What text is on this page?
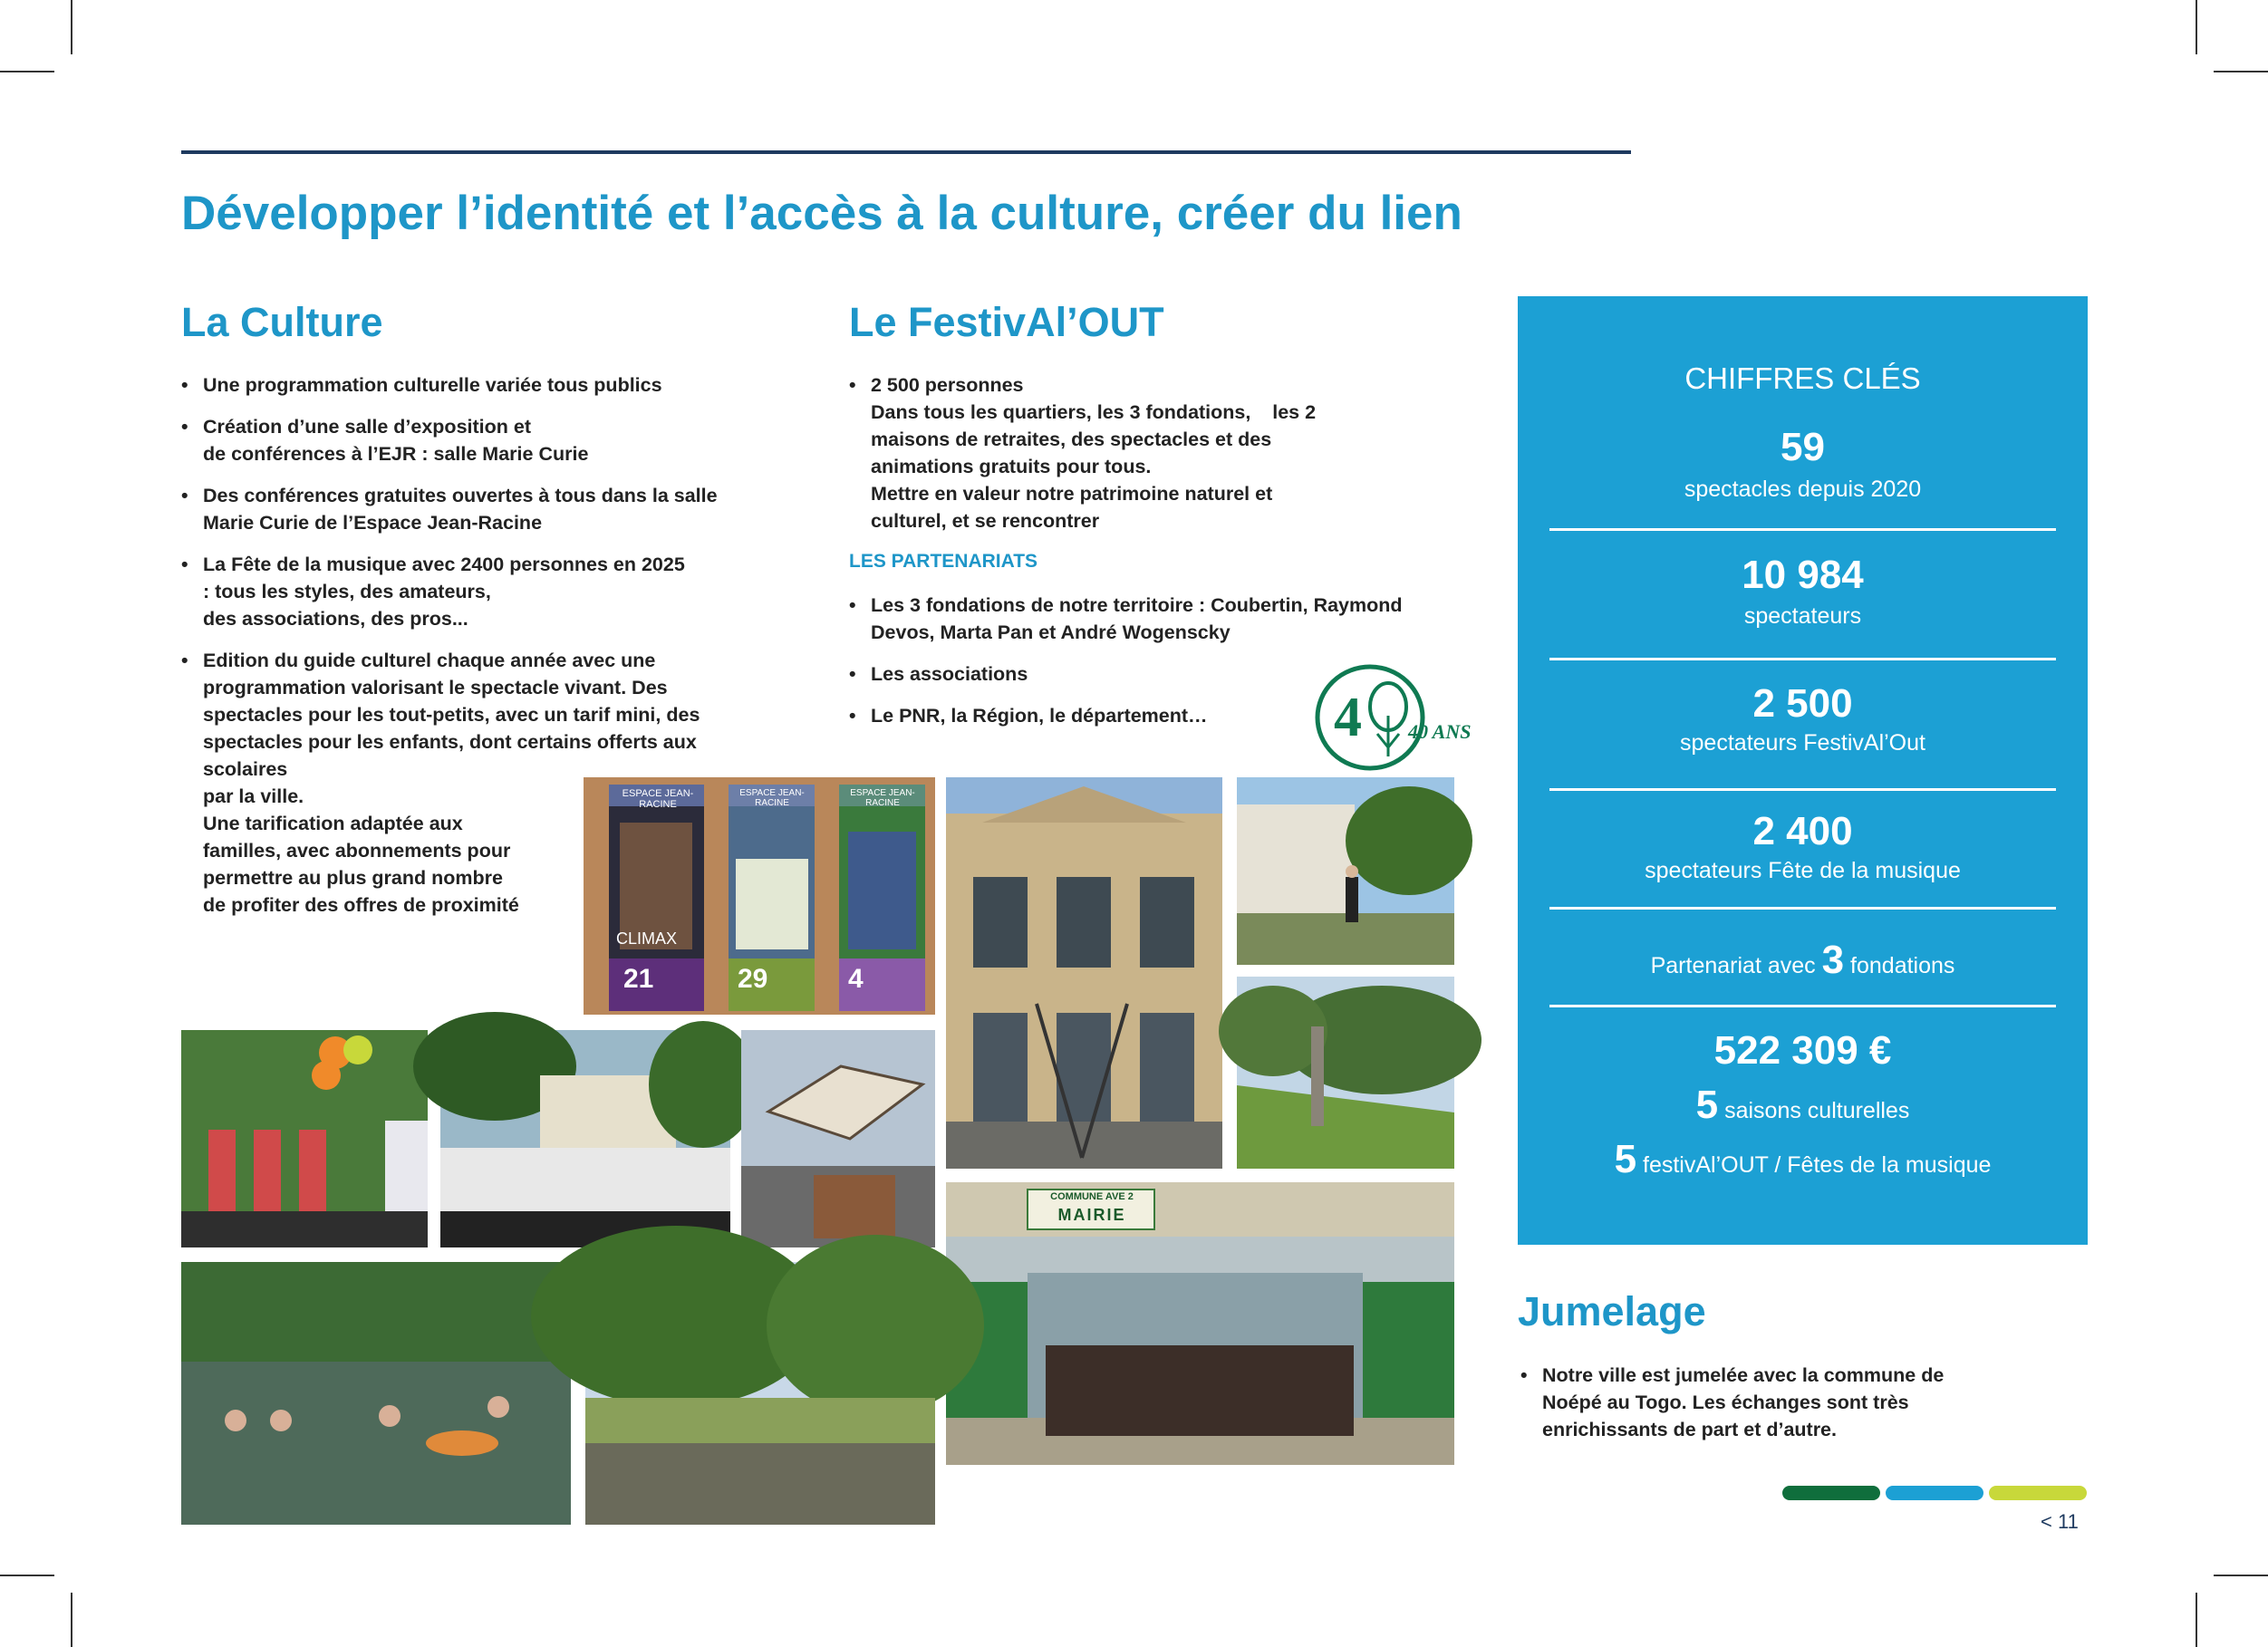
Développer l’identité et l’accès à la culture, créer du lien
La Culture
• Une programmation culturelle variée tous publics
• Création d’une salle d’exposition et
de conférences à l’EJR : salle Marie Curie
• Des conférences gratuites ouvertes à tous dans la salle
Marie Curie de l’Espace Jean-Racine
• La Fête de la musique avec 2400 personnes en 2025
: tous les styles, des amateurs,
des associations, des pros...
• Edition du guide culturel chaque année avec une
programmation valorisant le spectacle vivant. Des
spectacles pour les tout-petits, avec un tarif mini, des
spectacles pour les enfants, dont certains offerts aux
scolaires
par la ville.
Une tarification adaptée aux
familles, avec abonnements pour
permettre au plus grand nombre
de profiter des offres de proximité
Le FestivAl’OUT
• 2 500 personnes
Dans tous les quartiers, les 3 fondations,    les 2
maisons de retraites, des spectacles et des
animations gratuits pour tous.
Mettre en valeur notre patrimoine naturel et
culturel, et se rencontrer
LES PARTENARIATS
• Les 3 fondations de notre territoire : Coubertin, Raymond
Devos, Marta Pan et André Wogenscky
• Les associations
• Le PNR, la Région, le département…	4 40 ANS
ESPACE JEAN-RACINE
CLIMAX
21
ESPACE JEAN-RACINE
29
ESPACE JEAN-RACINE
4
COMMUNE AVE 2
MAIRIE
CHIFFRES CLÉS
59
spectacles depuis 2020
10 984
spectateurs
2 500
spectateurs FestivAl’Out
2 400
spectateurs Fête de la musique
Partenariat avec 3 fondations
522 309 €
5 saisons culturelles
5 festivAl’OUT / Fêtes de la musique
Jumelage
• Notre ville est jumelée avec la commune de
Noépé au Togo. Les échanges sont très
enrichissants de part et d’autre.
< 11
